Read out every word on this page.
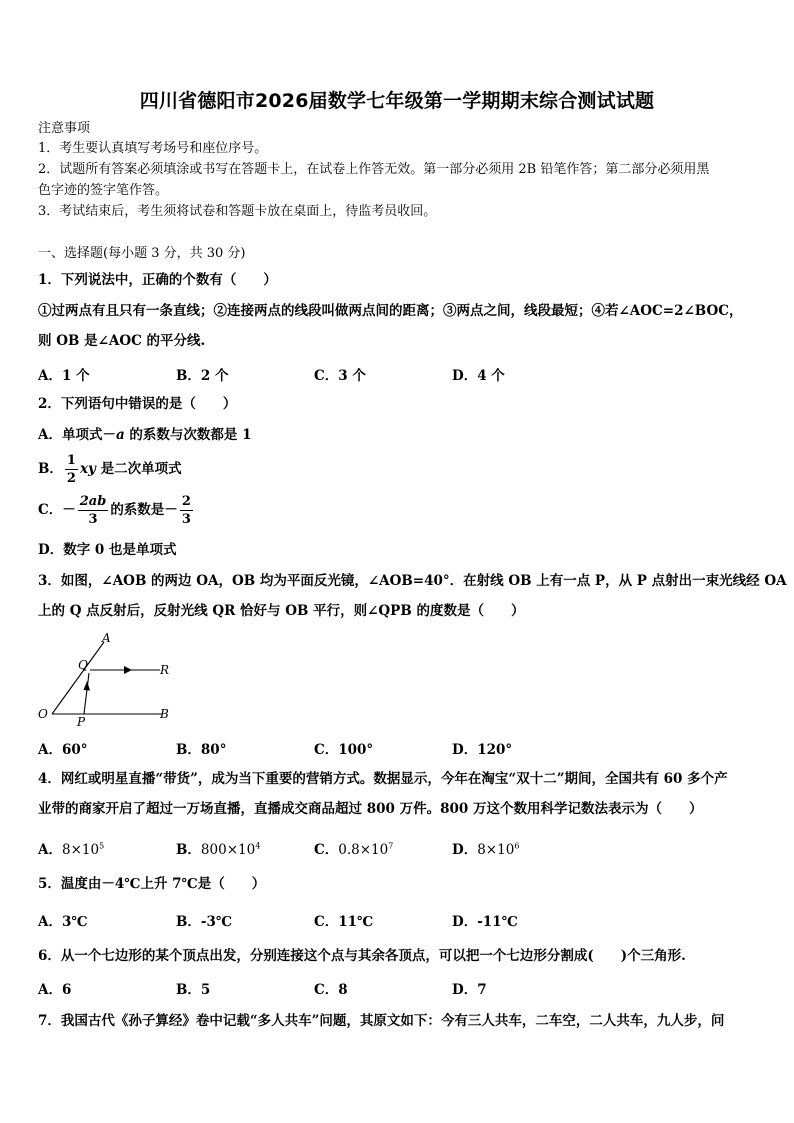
四川省德阳市2026届数学七年级第一学期期末综合测试试题
注意事项
1．考生要认真填写考场号和座位序号。
2．试题所有答案必须填涂或书写在答题卡上，在试卷上作答无效。第一部分必须用 2B 铅笔作答；第二部分必须用黑
色字迹的签字笔作答。
3．考试结束后，考生须将试卷和答题卡放在桌面上，待监考员收回。
一、选择题(每小题 3 分，共 30 分)
1．下列说法中，正确的个数有（　　）
①过两点有且只有一条直线；②连接两点的线段叫做两点间的距离；③两点之间，线段最短；④若∠AOC=2∠BOC，
则 OB 是∠AOC 的平分线.
A．1 个	B．2 个	C．3 个	D．4 个
2．下列语句中错误的是（　　）
A．单项式－a 的系数与次数都是 1
B． $\frac{1}{2}$ xy 是二次单项式
C．－ $\frac{2ab}{3}$ 的系数是－ $\frac{2}{3}$
D．数字 0 也是单项式
3．如图，∠AOB 的两边 OA，OB 均为平面反光镜，∠AOB=40°．在射线 OB 上有一点 P，从 P 点射出一束光线经 OA
上的 Q 点反射后，反射光线 QR 恰好与 OB 平行，则∠QPB 的度数是（　　）
A
Q	R
O
P
B
A．60°	B．80°	C．100°	D．120°
4．网红或明星直播“带货”，成为当下重要的营销方式。数据显示，今年在淘宝“双十二”期间，全国共有 60 多个产
业带的商家开启了超过一万场直播，直播成交商品超过 800 万件。800 万这个数用科学记数法表示为（　　）
A．$8\times 10^5$	B．$800\times 10^4$	C．$0.8\times 10^7$	D．$8\times 10^6$
5．温度由－4℃上升 7℃是（　　）
A．3℃	B．-3℃	C．11℃	D．-11℃
6．从一个七边形的某个顶点出发，分别连接这个点与其余各顶点，可以把一个七边形分割成(　　)个三角形.
A．6	B．5	C．8	D．7
7．我国古代《孙子算经》卷中记载“多人共车”问题，其原文如下：今有三人共车，二车空，二人共车，九人步，问
